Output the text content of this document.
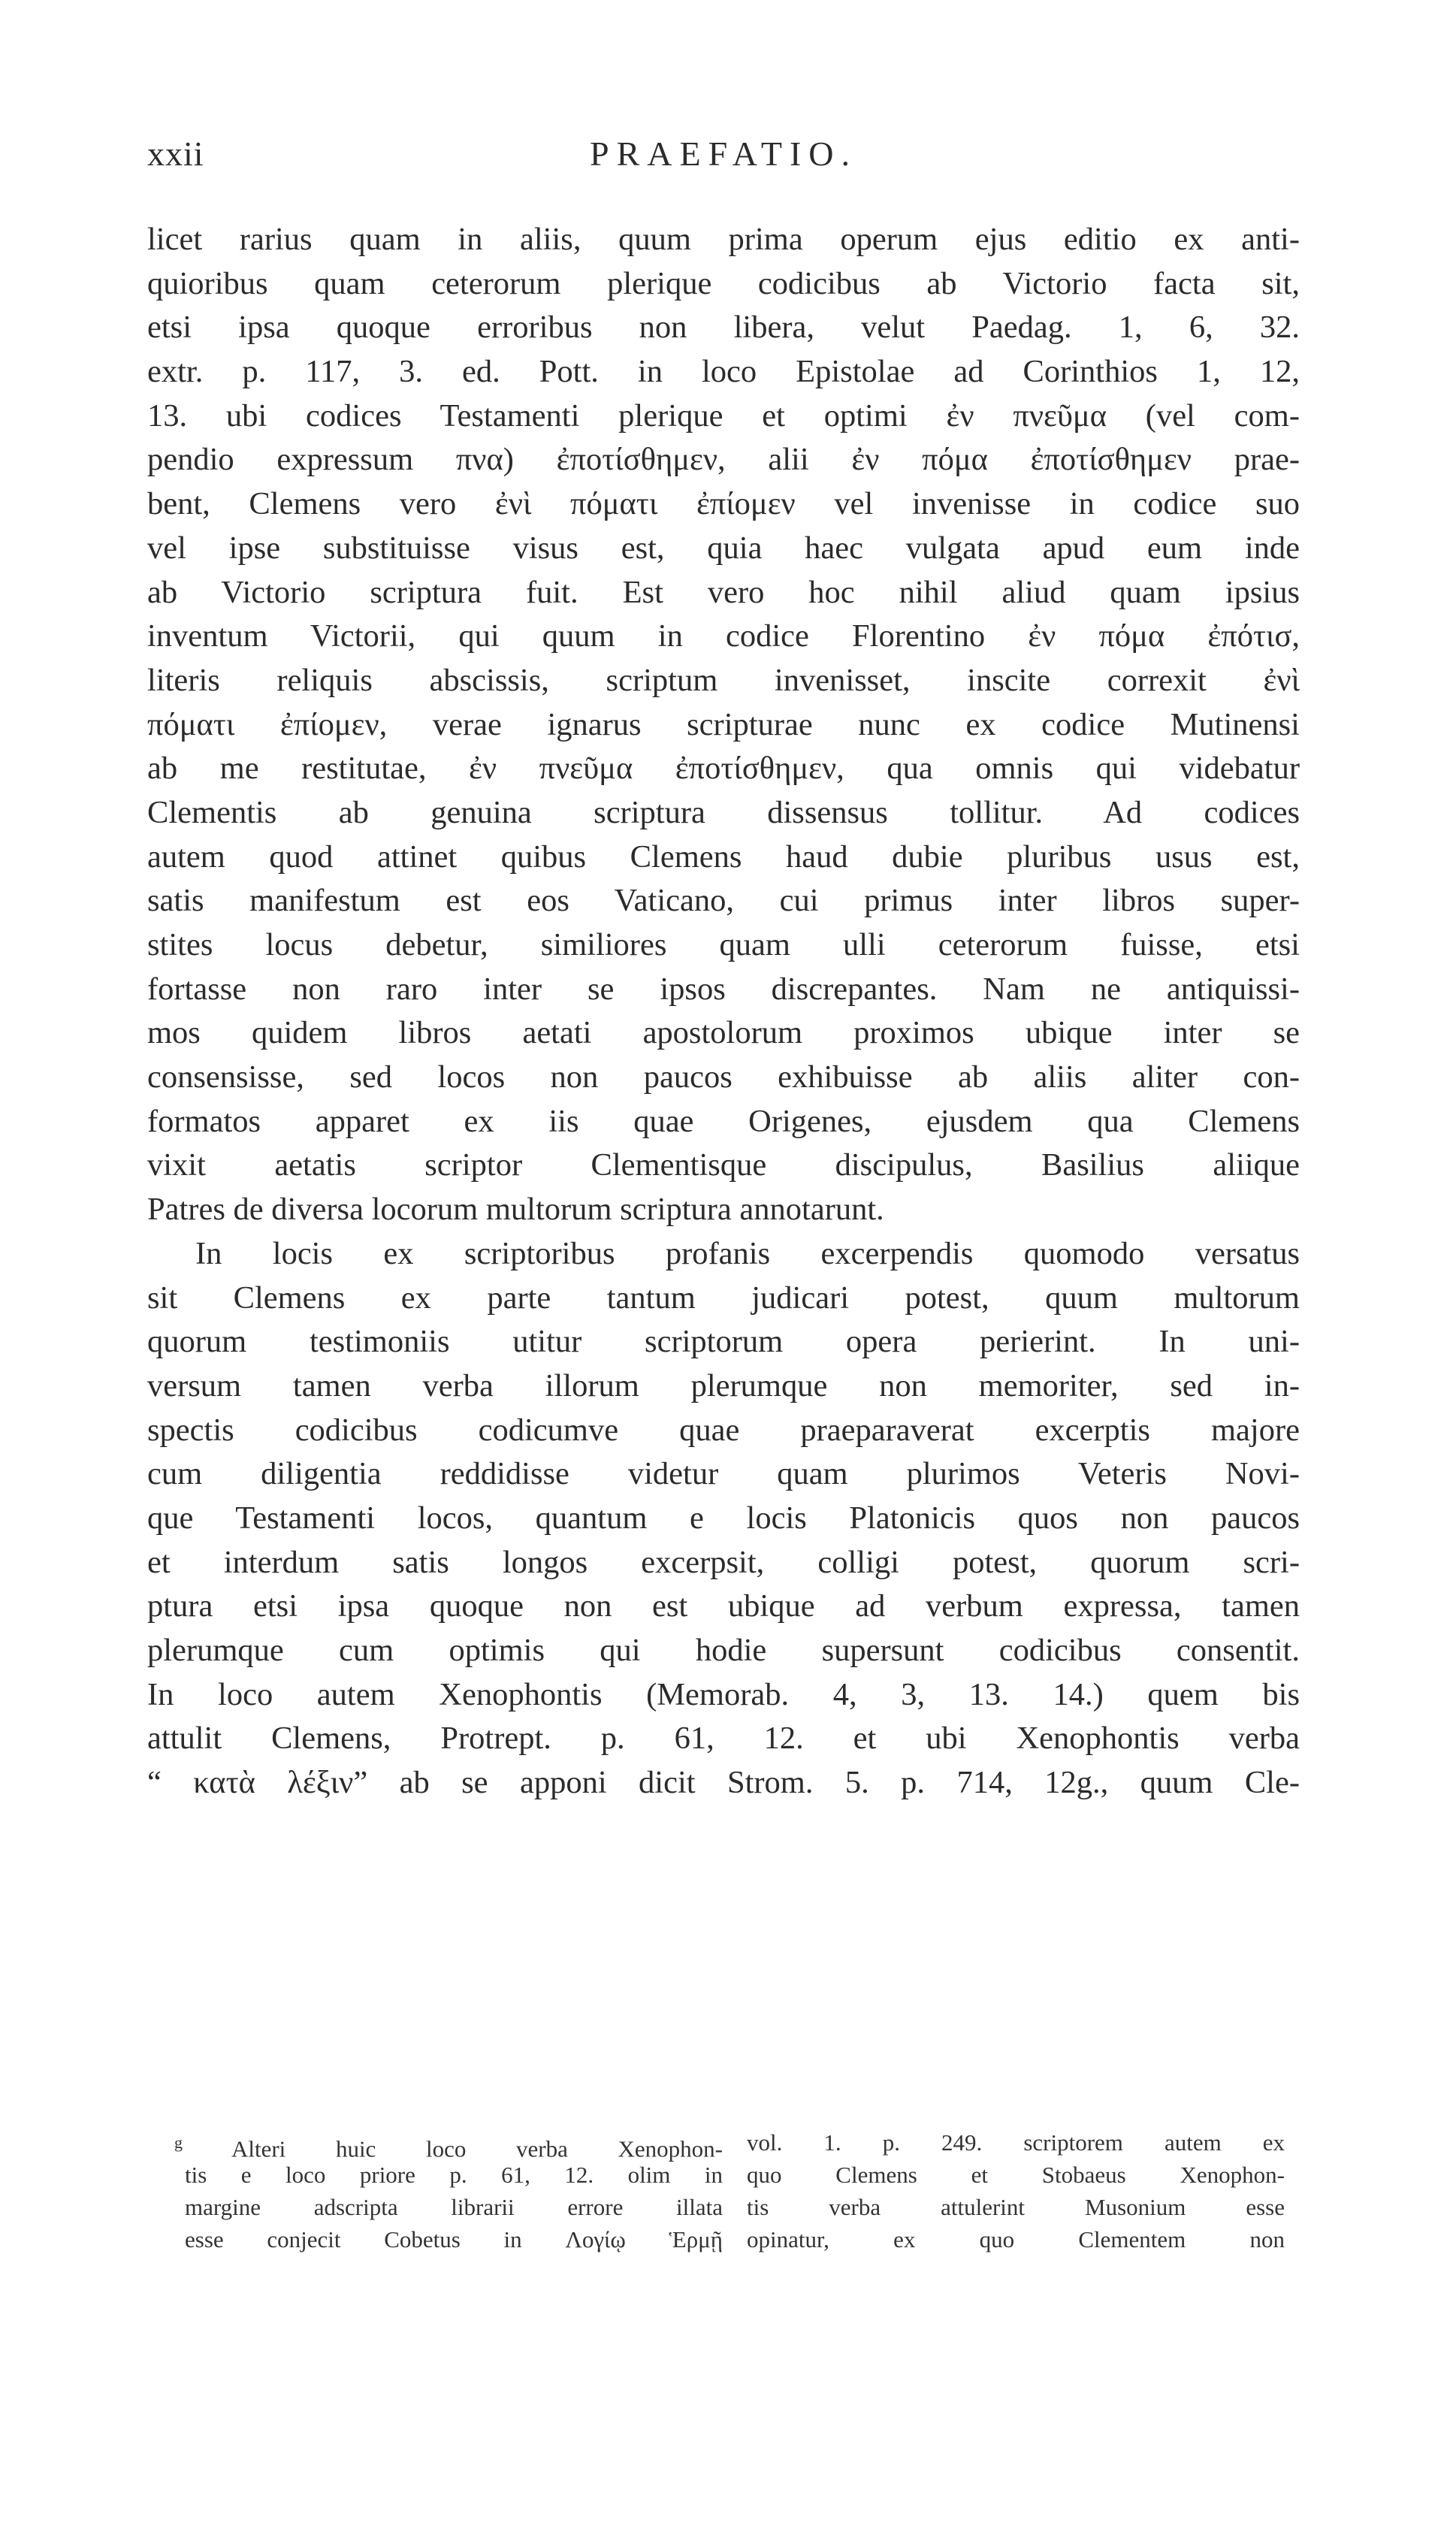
xxii	PRAEFATIO.
licet rarius quam in aliis, quum prima operum ejus editio ex anti-
quioribus quam ceterorum plerique codicibus ab Victorio facta sit,
etsi ipsa quoque erroribus non libera, velut Paedag. 1, 6, 32.
extr. p. 117, 3. ed. Pott. in loco Epistolae ad Corinthios 1, 12,
13. ubi codices Testamenti plerique et optimi ἐν πνεῦμα (vel com-
pendio expressum πνα) ἐποτίσθημεν, alii ἐν πόμα ἐποτίσθημεν prae-
bent, Clemens vero ἐνὶ πόματι ἐπίομεν vel invenisse in codice suo
vel ipse substituisse visus est, quia haec vulgata apud eum inde
ab Victorio scriptura fuit. Est vero hoc nihil aliud quam ipsius
inventum Victorii, qui quum in codice Florentino ἐν πόμα ἐπότισ,
literis reliquis abscissis, scriptum invenisset, inscite correxit ἐνὶ
πόματι ἐπίομεν, verae ignarus scripturae nunc ex codice Mutinensi
ab me restitutae, ἐν πνεῦμα ἐποτίσθημεν, qua omnis qui videbatur
Clementis ab genuina scriptura dissensus tollitur. Ad codices
autem quod attinet quibus Clemens haud dubie pluribus usus est,
satis manifestum est eos Vaticano, cui primus inter libros super-
stites locus debetur, similiores quam ulli ceterorum fuisse, etsi
fortasse non raro inter se ipsos discrepantes. Nam ne antiquissi-
mos quidem libros aetati apostolorum proximos ubique inter se
consensisse, sed locos non paucos exhibuisse ab aliis aliter con-
formatos apparet ex iis quae Origenes, ejusdem qua Clemens
vixit aetatis scriptor Clementisque discipulus, Basilius aliique
Patres de diversa locorum multorum scriptura annotarunt.
In locis ex scriptoribus profanis excerpendis quomodo versatus
sit Clemens ex parte tantum judicari potest, quum multorum
quorum testimoniis utitur scriptorum opera perierint. In uni-
versum tamen verba illorum plerumque non memoriter, sed in-
spectis codicibus codicumve quae praeparaverat excerptis majore
cum diligentia reddidisse videtur quam plurimos Veteris Novi-
que Testamenti locos, quantum e locis Platonicis quos non paucos
et interdum satis longos excerpsit, colligi potest, quorum scri-
ptura etsi ipsa quoque non est ubique ad verbum expressa, tamen
plerumque cum optimis qui hodie supersunt codicibus consentit.
In loco autem Xenophontis (Memorab. 4, 3, 13. 14.) quem bis
attulit Clemens, Protrept. p. 61, 12. et ubi Xenophontis verba
“ κατὰ λέξιν” ab se apponi dicit Strom. 5. p. 714, 12g., quum Cle-
$^g$ Alteri huic loco verba Xenophon-
tis e loco priore p. 61, 12. olim in
margine adscripta librarii errore illata
esse conjecit Cobetus in Λογίῳ Ἑρμῇ
vol. 1. p. 249. scriptorem autem ex
quo Clemens et Stobaeus Xenophon-
tis verba attulerint Musonium esse
opinatur, ex quo Clementem non
